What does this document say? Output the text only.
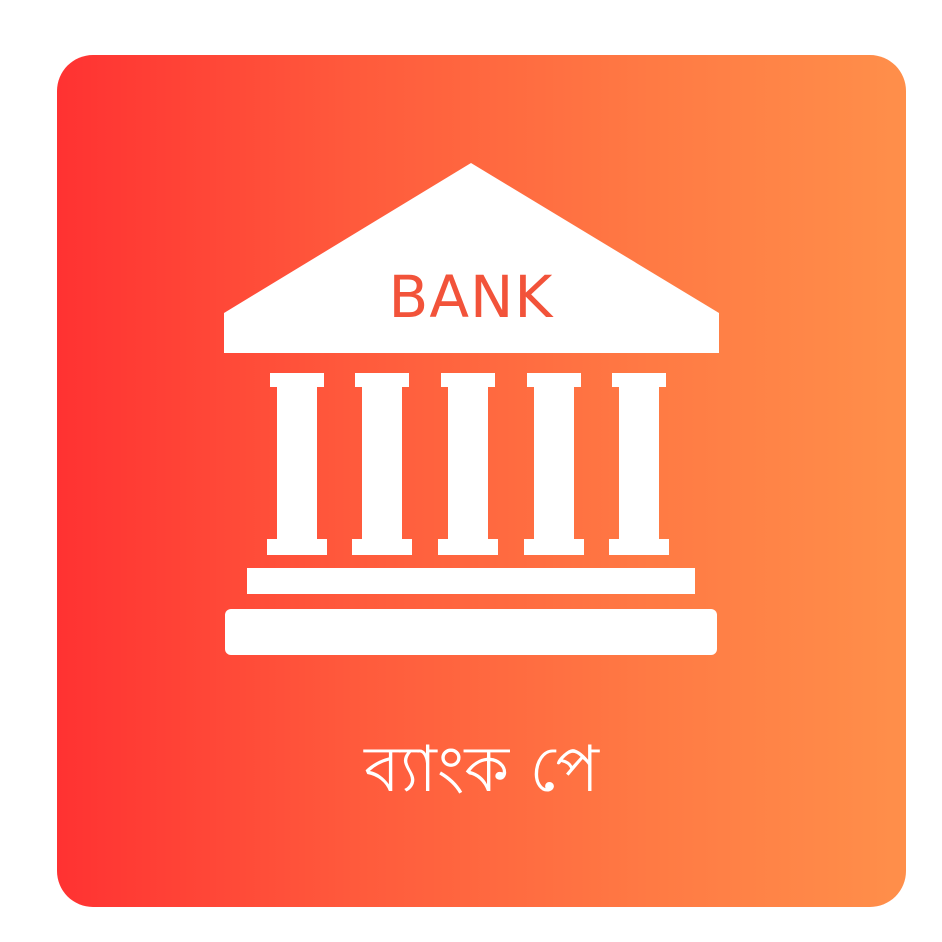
BANK
ব্যাংক পে
